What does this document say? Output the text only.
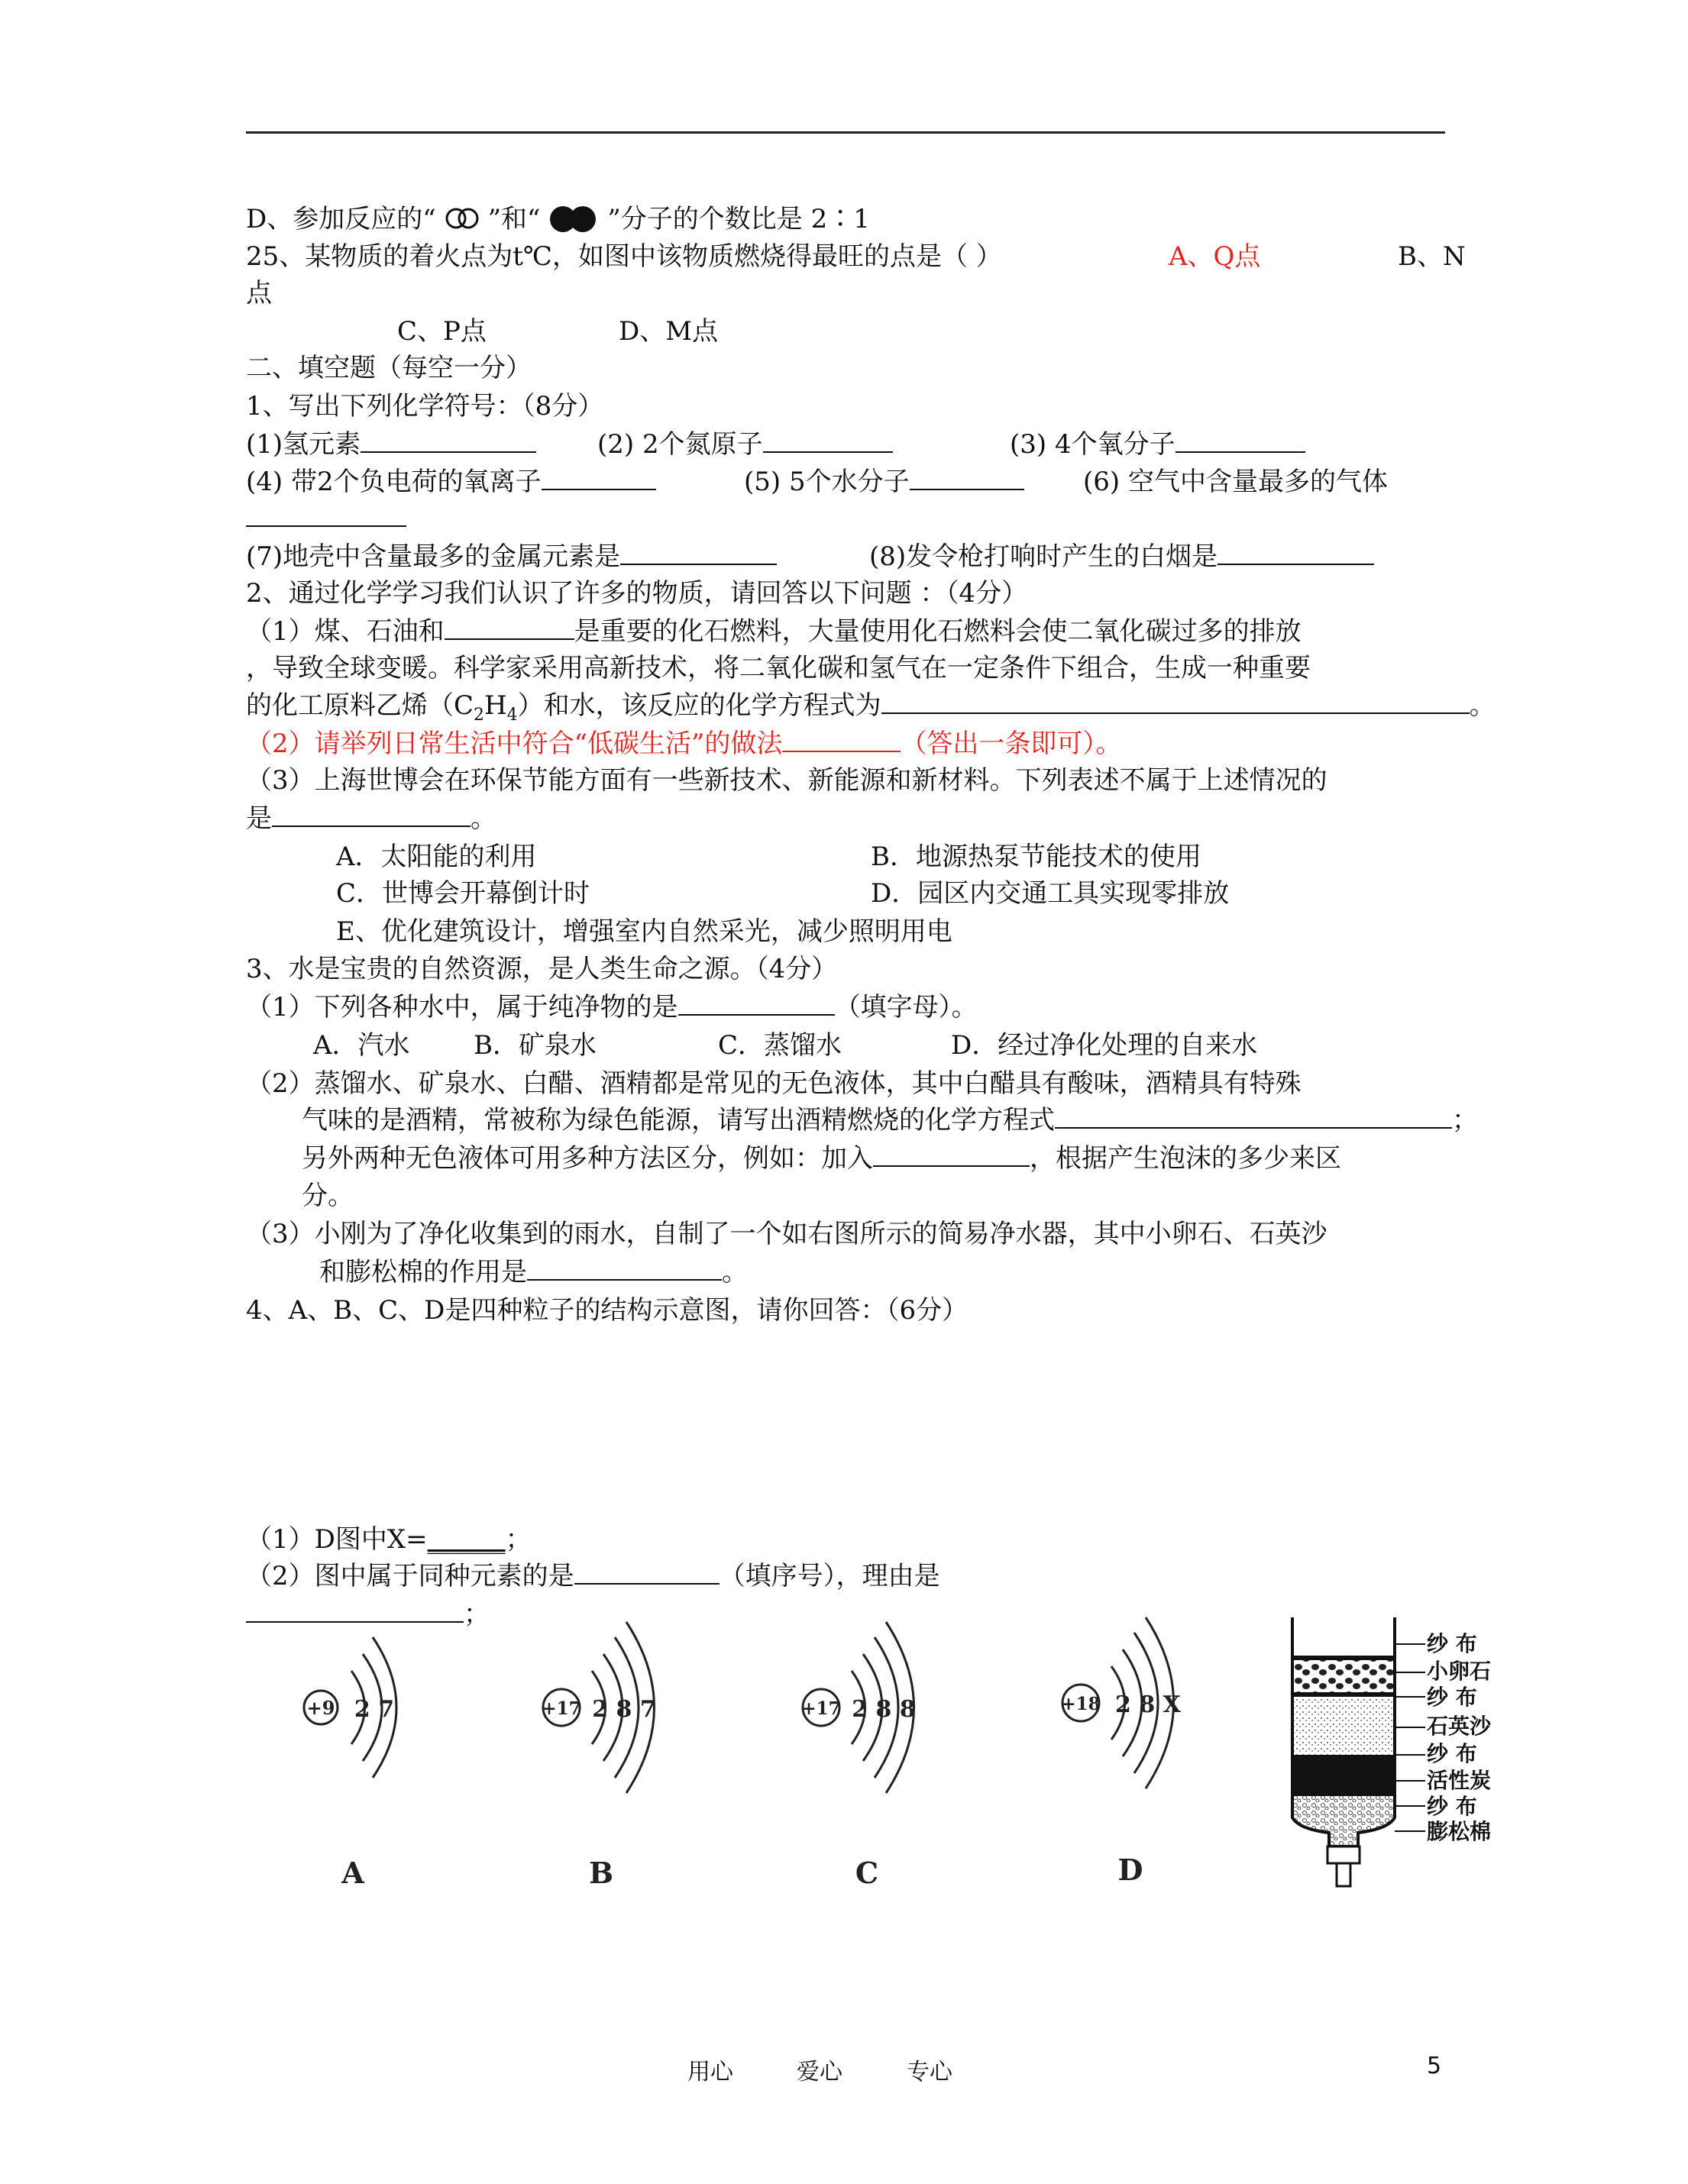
D、参加反应的“ ”和“	”分子的个数比是 2∶1
25、某物质的着火点为t℃，如图中该物质燃烧得最旺的点是（ ）	A、Q点	B、N
点
C、P点	D、M点
二、填空题（每空一分）
1、写出下列化学符号：（8分）
(1)氢元素	(2) 2个氮原子	(3) 4个氧分子
(4) 带2个负电荷的氧离子	(5) 5个水分子	(6) 空气中含量最多的气体
(7)地壳中含量最多的金属元素是	(8)发令枪打响时产生的白烟是
2、通过化学学习我们认识了许多的物质，请回答以下问题 ：（4分）
（1）煤、石油和	是重要的化石燃料，大量使用化石燃料会使二氧化碳过多的排放
，导致全球变暖。科学家采用高新技术，将二氧化碳和氢气在一定条件下组合，生成一种重要
的化工原料乙烯$(C_2H_4)$和水，该反应的化学方程式为	。
（2）请举列日常生活中符合“低碳生活”的做法	（答出一条即可）。
（3）上海世博会在环保节能方面有一些新技术、新能源和新材料。下列表述不属于上述情况的
是	。
A．太阳能的利用	B．地源热泵节能技术的使用
C．世博会开幕倒计时	D．园区内交通工具实现零排放
E、优化建筑设计，增强室内自然采光，减少照明用电
3、水是宝贵的自然资源，是人类生命之源。（4分）
（1）下列各种水中，属于纯净物的是	（填字母）。
A．汽水 B．矿泉水	C．蒸馏水	D．经过净化处理的自来水
（2）蒸馏水、矿泉水、白醋、酒精都是常见的无色液体，其中白醋具有酸味，酒精具有特殊
气味的是酒精，常被称为绿色能源，请写出酒精燃烧的化学方程式	；
另外两种无色液体可用多种方法区分，例如：加入	，根据产生泡沫的多少来区
分。
（3）小刚为了净化收集到的雨水，自制了一个如右图所示的简易净水器，其中小卵石、石英沙
和膨松棉的作用是	。
4、A、B、C、D是四种粒子的结构示意图，请你回答：（6分）
（1）D图中X=______；
（2）图中属于同种元素的是	（填序号），理由是
；
+9 2 7
A
+17 2 8 7
B
+17 2 8 8
C
+18 2 8 X
D
纱 布
小卵石
纱 布
石英沙
纱 布
活性炭
纱 布
膨松棉
用心	爱心	专心	5
